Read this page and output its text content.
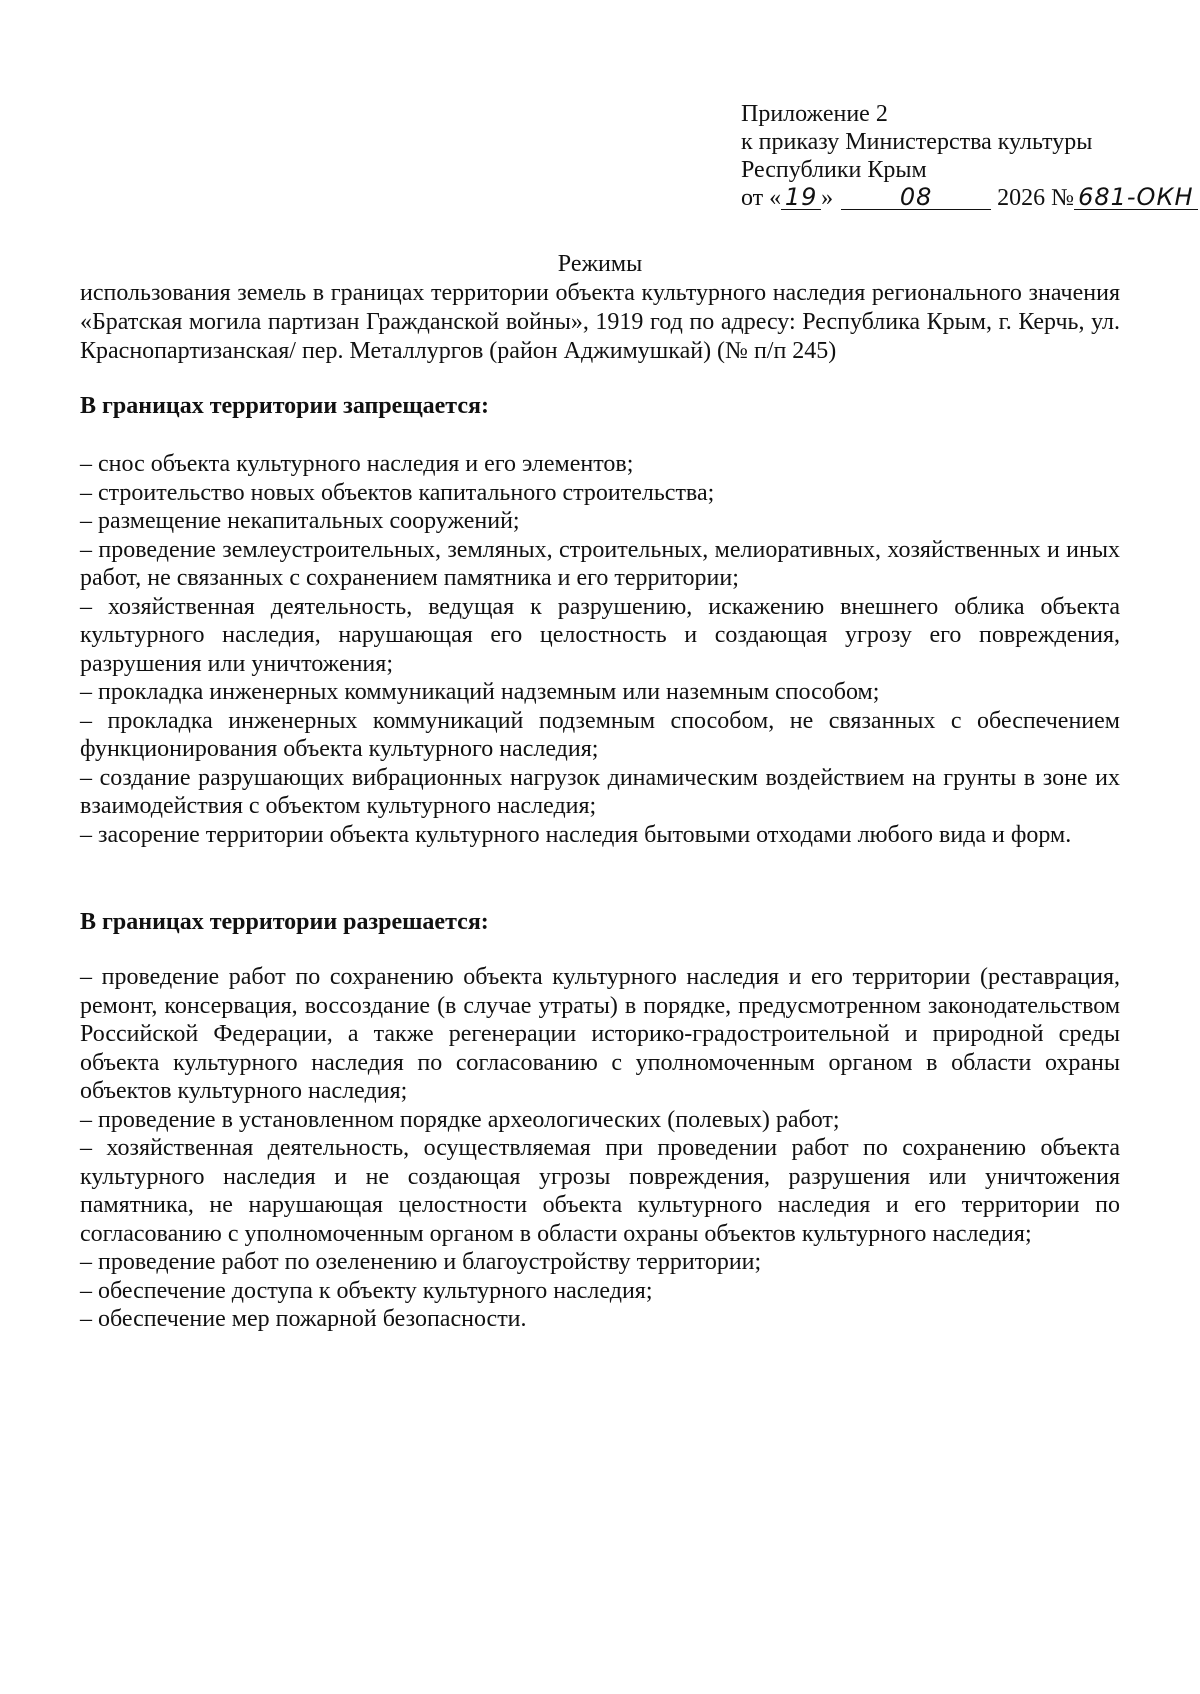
Приложение 2
к приказу Министерства культуры
Республики Крым
от « 19 »	08	2026 № 681-ОКН
Режимы
использования земель в границах территории объекта культурного наследия регионального значения «Братская могила партизан Гражданской войны», 1919 год по адресу: Республика Крым, г. Керчь, ул. Краснопартизанская/ пер. Металлургов (район Аджимушкай) (№ п/п 245)
В границах территории запрещается:
– снос объекта культурного наследия и его элементов;
– строительство новых объектов капитального строительства;
– размещение некапитальных сооружений;
– проведение землеустроительных, земляных, строительных, мелиоративных, хозяйственных и иных работ, не связанных с сохранением памятника и его территории;
– хозяйственная деятельность, ведущая к разрушению, искажению внешнего облика объекта культурного наследия, нарушающая его целостность и создающая угрозу его повреждения, разрушения или уничтожения;
– прокладка инженерных коммуникаций надземным или наземным способом;
– прокладка инженерных коммуникаций подземным способом, не связанных с обеспечением функционирования объекта культурного наследия;
– создание разрушающих вибрационных нагрузок динамическим воздействием на грунты в зоне их взаимодействия с объектом культурного наследия;
– засорение территории объекта культурного наследия бытовыми отходами любого вида и форм.
В границах территории разрешается:
– проведение работ по сохранению объекта культурного наследия и его территории (реставрация, ремонт, консервация, воссоздание (в случае утраты) в порядке, предусмотренном законодательством Российской Федерации, а также регенерации историко-градостроительной и природной среды объекта культурного наследия по согласованию с уполномоченным органом в области охраны объектов культурного наследия;
– проведение в установленном порядке археологических (полевых) работ;
– хозяйственная деятельность, осуществляемая при проведении работ по сохранению объекта культурного наследия и не создающая угрозы повреждения, разрушения или уничтожения памятника, не нарушающая целостности объекта культурного наследия и его территории по согласованию с уполномоченным органом в области охраны объектов культурного наследия;
– проведение работ по озеленению и благоустройству территории;
– обеспечение доступа к объекту культурного наследия;
– обеспечение мер пожарной безопасности.
